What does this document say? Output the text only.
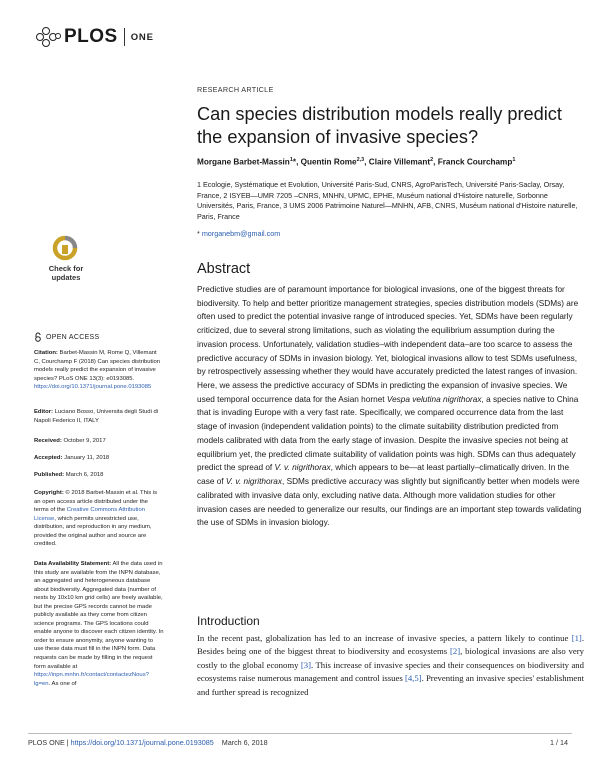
PLOS ONE
RESEARCH ARTICLE
Can species distribution models really predict the expansion of invasive species?
Morgane Barbet-Massin$^1$*, Quentin Rome$^{2,3}$, Claire Villemant$^2$, Franck Courchamp$^1$
1 Ecologie, Systématique et Evolution, Université Paris-Sud, CNRS, AgroParisTech, Université Paris-Saclay, Orsay, France, 2 ISYEB—UMR 7205 –CNRS, MNHN, UPMC, EPHE, Muséum national d'Histoire naturelle, Sorbonne Universités, Paris, France, 3 UMS 2006 Patrimoine Naturel—MNHN, AFB, CNRS, Muséum national d'Histoire naturelle, Paris, France
* morganebm@gmail.com
Abstract
Predictive studies are of paramount importance for biological invasions, one of the biggest threats for biodiversity. To help and better prioritize management strategies, species distribution models (SDMs) are often used to predict the potential invasive range of introduced species. Yet, SDMs have been regularly criticized, due to several strong limitations, such as violating the equilibrium assumption during the invasion process. Unfortunately, validation studies–with independent data–are too scarce to assess the predictive accuracy of SDMs in invasion biology. Yet, biological invasions allow to test SDMs usefulness, by retrospectively assessing whether they would have accurately predicted the latest ranges of invasion. Here, we assess the predictive accuracy of SDMs in predicting the expansion of invasive species. We used temporal occurrence data for the Asian hornet Vespa velutina nigrithorax, a species native to China that is invading Europe with a very fast rate. Specifically, we compared occurrence data from the last stage of invasion (independent validation points) to the climate suitability distribution predicted from models calibrated with data from the early stage of invasion. Despite the invasive species not being at equilibrium yet, the predicted climate suitability of validation points was high. SDMs can thus adequately predict the spread of V. v. nigrithorax, which appears to be—at least partially–climatically driven. In the case of V. v. nigrithorax, SDMs predictive accuracy was slightly but significantly better when models were calibrated with invasive data only, excluding native data. Although more validation studies for other invasion cases are needed to generalize our results, our findings are an important step towards validating the use of SDMs in invasion biology.
Introduction
In the recent past, globalization has led to an increase of invasive species, a pattern likely to continue [1]. Besides being one of the biggest threat to biodiversity and ecosystems [2], biological invasions are also very costly to the global economy [3]. This increase of invasive species and their consequences on biodiversity and ecosystems raise numerous management and control issues [4,5]. Preventing an invasive species' establishment and further spread is recognized
Check for updates
OPEN ACCESS
Citation: Barbet-Massin M, Rome Q, Villemant C, Courchamp F (2018) Can species distribution models really predict the expansion of invasive species? PLoS ONE 13(3): e0193085. https://doi.org/10.1371/journal.pone.0193085
Editor: Luciano Bosso, Universita degli Studi di Napoli Federico II, ITALY
Received: October 9, 2017
Accepted: January 11, 2018
Published: March 6, 2018
Copyright: © 2018 Barbet-Massin et al. This is an open access article distributed under the terms of the Creative Commons Attribution License, which permits unrestricted use, distribution, and reproduction in any medium, provided the original author and source are credited.
Data Availability Statement: All the data used in this study are available from the INPN database, an aggregated and heterogeneous database about biodiversity. Aggregated data (number of nests by 10x10 km grid cells) are freely available, but the precise GPS records cannot be made publicly available as they come from citizen science programs. The GPS locations could enable anyone to discover each citizen identity. In order to ensure anonymity, anyone wanting to use these data must fill in the INPN form. Data requests can be made by filling in the request form available at https://inpn.mnhn.fr/contact/contactezNous?lg=en. As one of
PLOS ONE | https://doi.org/10.1371/journal.pone.0193085 March 6, 2018	1 / 14
